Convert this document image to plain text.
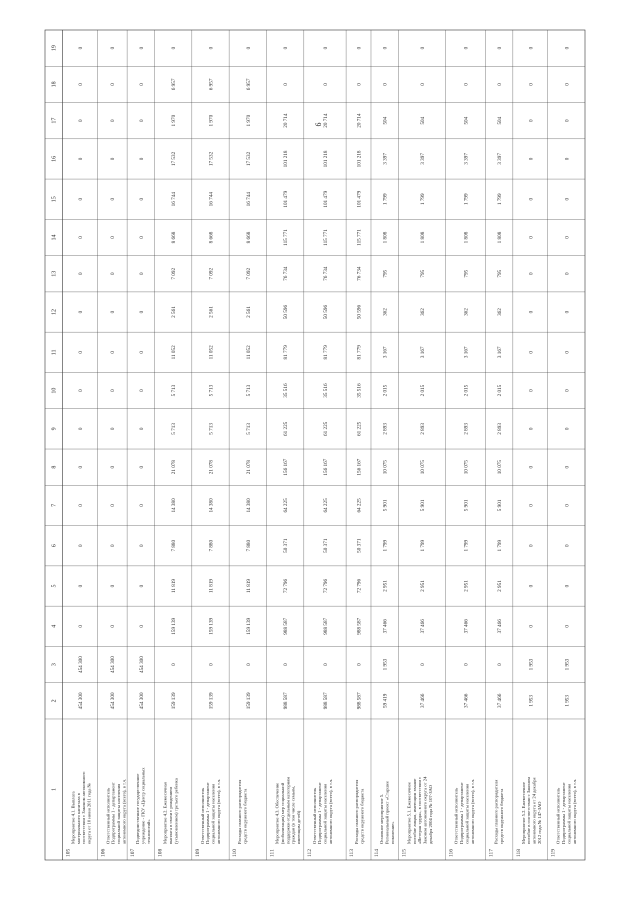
9
1
2
3
4
5
6
7
8
9
10
11
12
13
14
15
16
17
18
19
105
Мероприятие 4.1. Выплатаматериального капитала всоответствии с Законом автономногоокруга от 10 июня 2011 года №
454 300
454 300
0
0
0
0
0
0
0
0
0
0
0
0
0
0
0
0
106
Ответственный исполнительПодпрограммы 1 - департаментсоциальной защиты населенияавтономного округа (всего), в т.ч.
454 300
454 300
0
0
0
0
0
0
0
0
0
0
0
0
0
0
0
0
107
Подведомственное государственноеучреждение - ГКУ «Центр социальныхтехнологий»
454 300
454 300
0
0
0
0
0
0
0
0
0
0
0
0
0
0
0
0
108
Мероприятие 4.2. Ежемесячнаявыплата в связи с рождением(усыновлением) третьего ребенка
159 139
0
159 139
11 819
7 880
14 380
21 078
5 713
5 713
11 052
2 561
7 092
8 668
16 744
17 532
1 970
6 957
0
109
Ответственный исполнительПодпрограммы 1 - департаментсоциальной защиты населенияавтономного округа (всего), в т.ч.
159 139
0
159 139
11 819
7 880
14 380
21 078
5 713
5 713
11 052
2 561
7 092
8 668
16 744
17 532
1 970
6 957
0
110
Расходы главного распорядителясредств окружного бюджета
159 139
0
159 139
11 819
7 880
14 380
21 078
5 713
5 713
11 052
2 561
7 092
8 668
16 744
17 532
1 970
6 957
0
111
Мероприятие 4.3. Обеспечение(мобилизация) мер социальнойподдержки отдельным категориямграждан (в том числе семьям,имеющим детей)
988 587
0
988 587
72 796
50 371
64 225
156 167
61 225
35 516
81 779
50 596
76 734
115 771
101 479
101 218
20 714
0
0
112
Ответственный исполнительПодпрограммы 1 - департаментсоциальной защиты населенияавтономного округа (всего), в т.ч.
988 587
0
988 587
72 796
50 371
64 225
156 167
61 225
35 516
81 779
50 596
76 734
115 771
101 479
101 218
20 714
0
0
113
Расходы главного распорядителясредств окружного бюджета
988 587
0
988 587
72 796
50 371
64 225
156 167
61 225
35 516
81 779
50 596
76 734
115 771
101 479
101 218
20 714
0
0
114
Основное мероприятие 5.Региональный проект «Старшеепоколение»
59 419
1 953
37 466
2 951
1 799
5 901
10 075
2 893
2 015
3 167
362
795
1 808
1 799
3 397
504
0
0
115
Мероприятие 5.1. Ежемесячноепособие лицам, имеющим звание«Ветеран труда», в соответствии сЗаконом автономного округа от 24декабря 2004 года № 107-ЗАО
37 466
0
37 466
2 951
1 799
5 901
10 075
2 893
2 015
3 167
362
795
1 808
1 799
3 397
504
0
0
116
Ответственный исполнительПодпрограммы 1 - департаментсоциальной защиты населенияавтономного округа (всего), в т.ч.
37 466
0
37 466
2 951
1 799
5 901
10 075
2 893
2 015
3 167
362
795
1 808
1 799
3 397
504
0
0
117
Расходы главного распорядителясредств окружного бюджета
37 466
0
37 466
2 951
1 799
5 901
10 075
2 893
2 015
3 167
362
795
1 808
1 799
3 397
504
0
0
118
Мероприятие 5.2. Ежемесячноепособие в соответствии с Закономавтономного округа от 24 декабря2012 года № 147-ЗАО
1 953
1 953
0
0
0
0
0
0
0
0
0
0
0
0
0
0
0
0
119
Ответственный исполнительПодпрограммы 1 - департаментсоциальной защиты населенияавтономного округа (всего), в т.ч.
1 953
1 953
0
0
0
0
0
0
0
0
0
0
0
0
0
0
0
0
